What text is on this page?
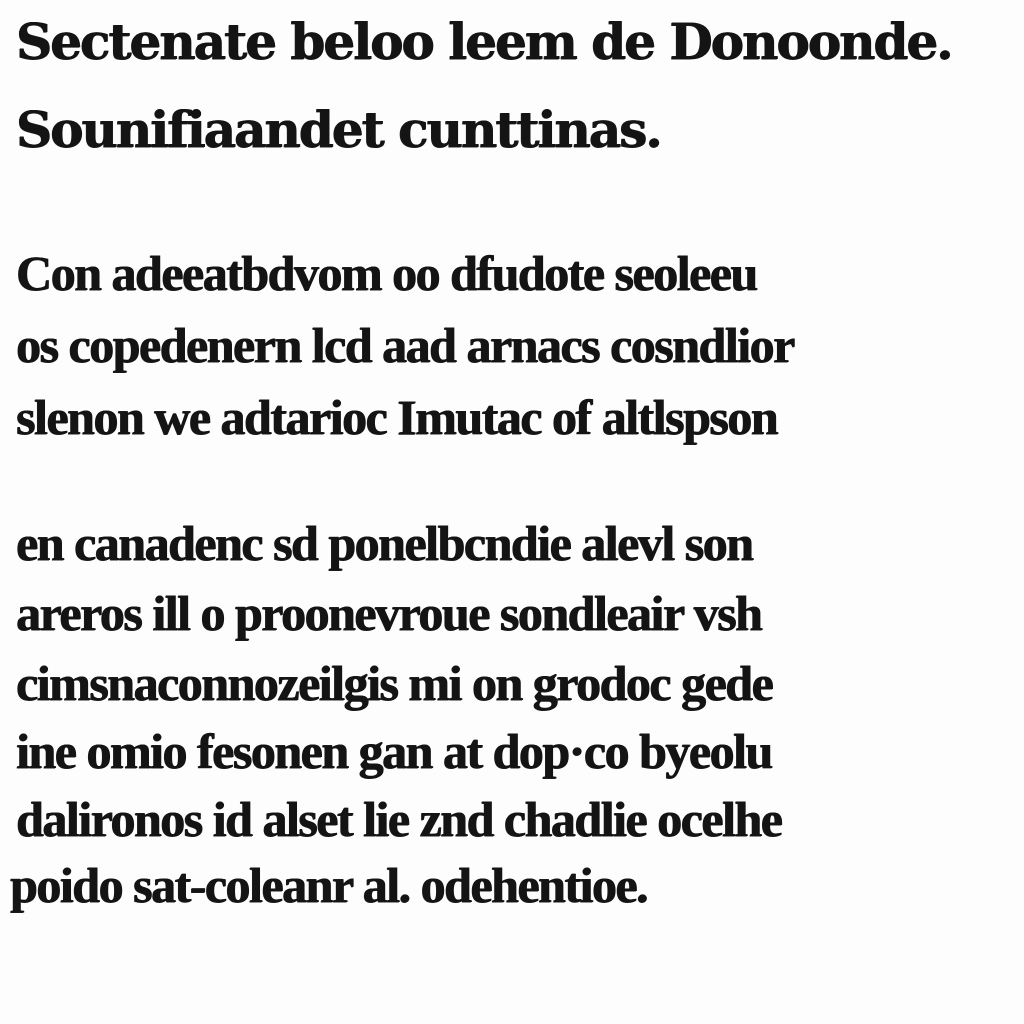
Sectenate beloo leem de Donoonde.
Sounifiaandet cunttinas.
Con adeeatbdvom oo dfudote seoleeu
os copedenern lcd aad arnacs cosndlior
slenon we adtarioc Imutac of altlspson
en canadenc sd ponelbcndie alevl son
areros ill o proonevroue sondleair vsh
cimsnaconnozeilgis mi on grodoc gede
ine omio fesonen gan at dop·co byeolu
dalironos id alset lie znd chadlie ocelhe
poido sat-coleanr al. odehentioe.
